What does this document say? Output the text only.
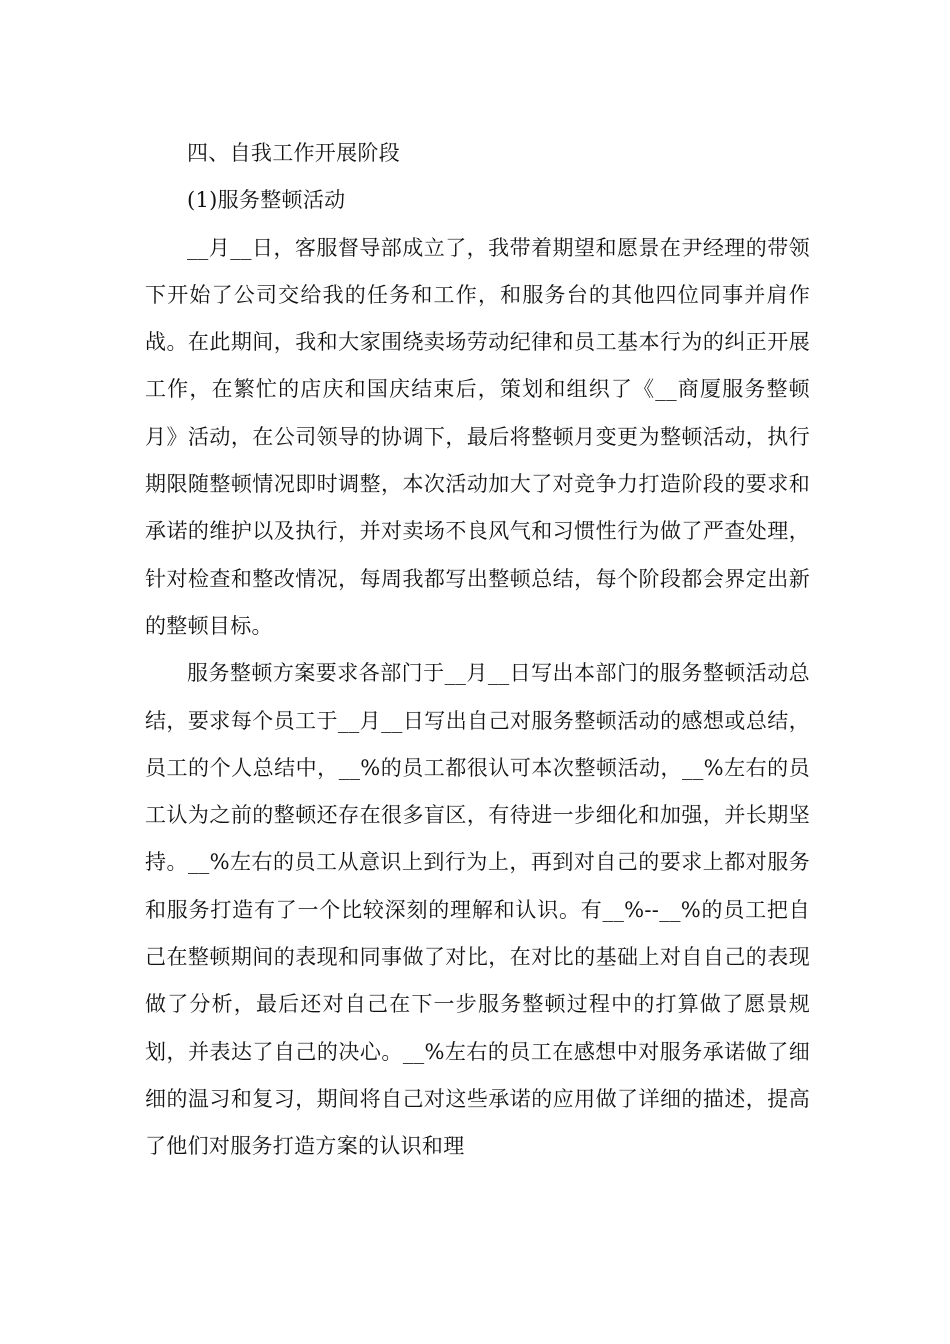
四、自我工作开展阶段

(1)服务整顿活动

__月__日，客服督导部成立了，我带着期望和愿景在尹经理的带领下开始了公司交给我的任务和工作，和服务台的其他四位同事并肩作战。在此期间，我和大家围绕卖场劳动纪律和员工基本行为的纠正开展工作，在繁忙的店庆和国庆结束后，策划和组织了《__商厦服务整顿月》活动，在公司领导的协调下，最后将整顿月变更为整顿活动，执行期限随整顿情况即时调整，本次活动加大了对竞争力打造阶段的要求和承诺的维护以及执行，并对卖场不良风气和习惯性行为做了严查处理，针对检查和整改情况，每周我都写出整顿总结，每个阶段都会界定出新的整顿目标。

服务整顿方案要求各部门于__月__日写出本部门的服务整顿活动总结，要求每个员工于__月__日写出自己对服务整顿活动的感想或总结，员工的个人总结中，__%的员工都很认可本次整顿活动，__%左右的员工认为之前的整顿还存在很多盲区，有待进一步细化和加强，并长期坚持。__%左右的员工从意识上到行为上，再到对自己的要求上都对服务和服务打造有了一个比较深刻的理解和认识。有__%--__%的员工把自己在整顿期间的表现和同事做了对比，在对比的基础上对自自己的表现做了分析，最后还对自己在下一步服务整顿过程中的打算做了愿景规划，并表达了自己的决心。__%左右的员工在感想中对服务承诺做了细细的温习和复习，期间将自己对这些承诺的应用做了详细的描述，提高了他们对服务打造方案的认识和理
